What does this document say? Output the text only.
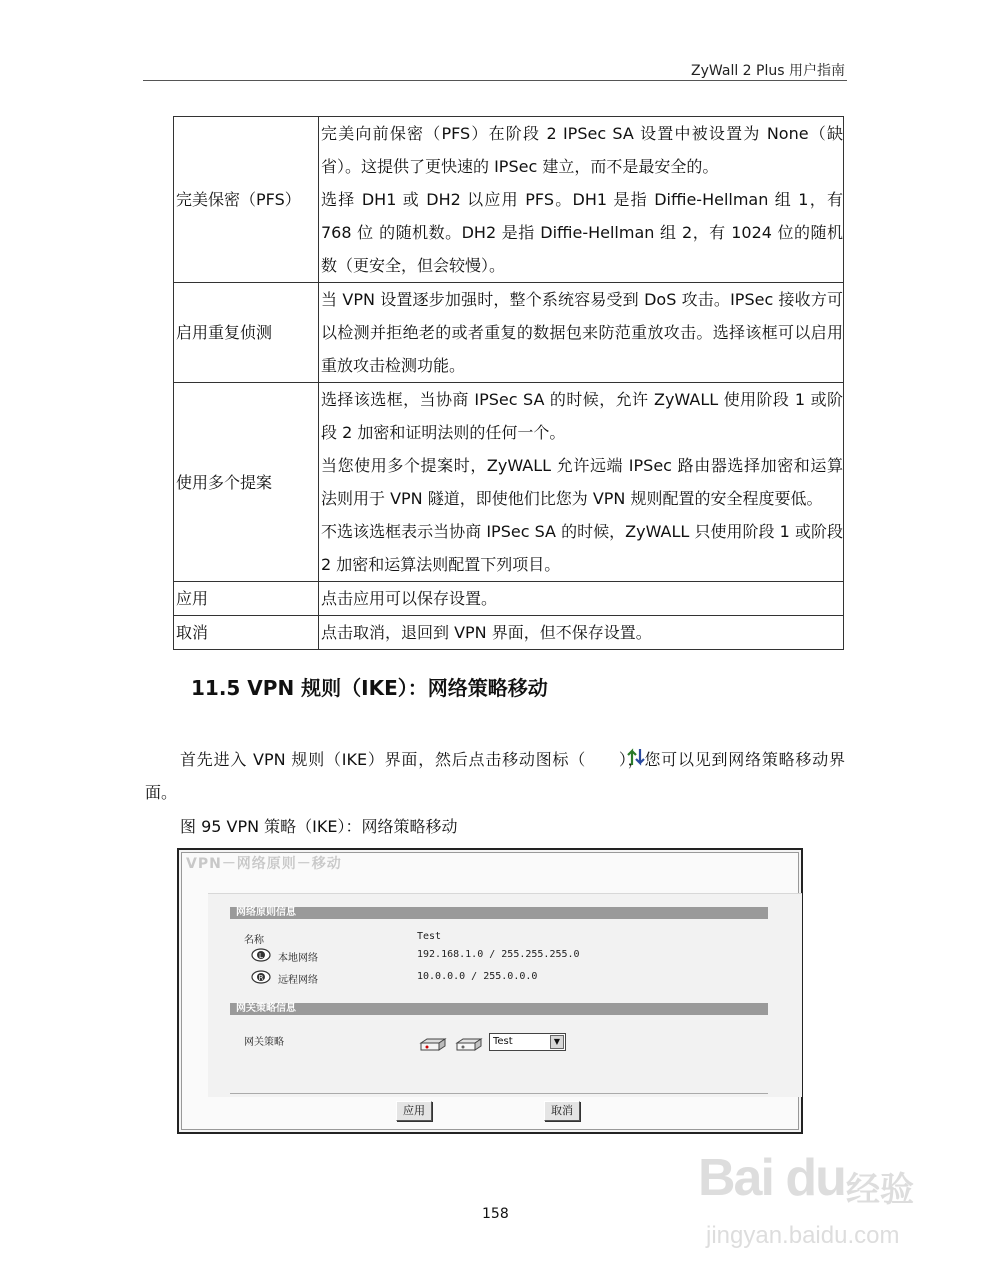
ZyWall 2 Plus 用户指南
完美保密（PFS）	完美向前保密（PFS）在阶段 2 IPSec SA 设置中被设置为 None（缺省）。这提供了更快速的 IPSec 建立，而不是最安全的。

选择 DH1 或 DH2 以应用 PFS。DH1 是指 Diffie-Hellman 组 1，有 768 位 的随机数。DH2 是指 Diffie-Hellman 组 2，有 1024 位的随机数（更安全，但会较慢）。

启用重复侦测	当 VPN 设置逐步加强时，整个系统容易受到 DoS 攻击。IPSec 接收方可以检测并拒绝老的或者重复的数据包来防范重放攻击。选择该框可以启用重放攻击检测功能。

使用多个提案	选择该选框，当协商 IPSec SA 的时候，允许 ZyWALL 使用阶段 1 或阶段 2 加密和证明法则的任何一个。

当您使用多个提案时，ZyWALL 允许远端 IPSec 路由器选择加密和运算法则用于 VPN 隧道，即使他们比您为 VPN 规则配置的安全程度要低。

不选该选框表示当协商 IPSec SA 的时候，ZyWALL 只使用阶段 1 或阶段 2 加密和运算法则配置下列项目。

应用	点击应用可以保存设置。

取消	点击取消，退回到 VPN 界面，但不保存设置。

11.5 VPN 规则（IKE）：网络策略移动
首先进入 VPN 规则（IKE）界面，然后点击移动图标（ ），您可以见到网络策略移动界面。
图 95 VPN 策略（IKE）：网络策略移动
VPN－网络原则－移动
网络原则信息
名称	Test
L 本地网络	192.168.1.0 / 255.255.255.0
R 远程网络	10.0.0.0 / 255.0.0.0
网关策略信息
网关策略	Test	▼
应用	取消
158
Bai du 经验
jingyan.baidu.com
